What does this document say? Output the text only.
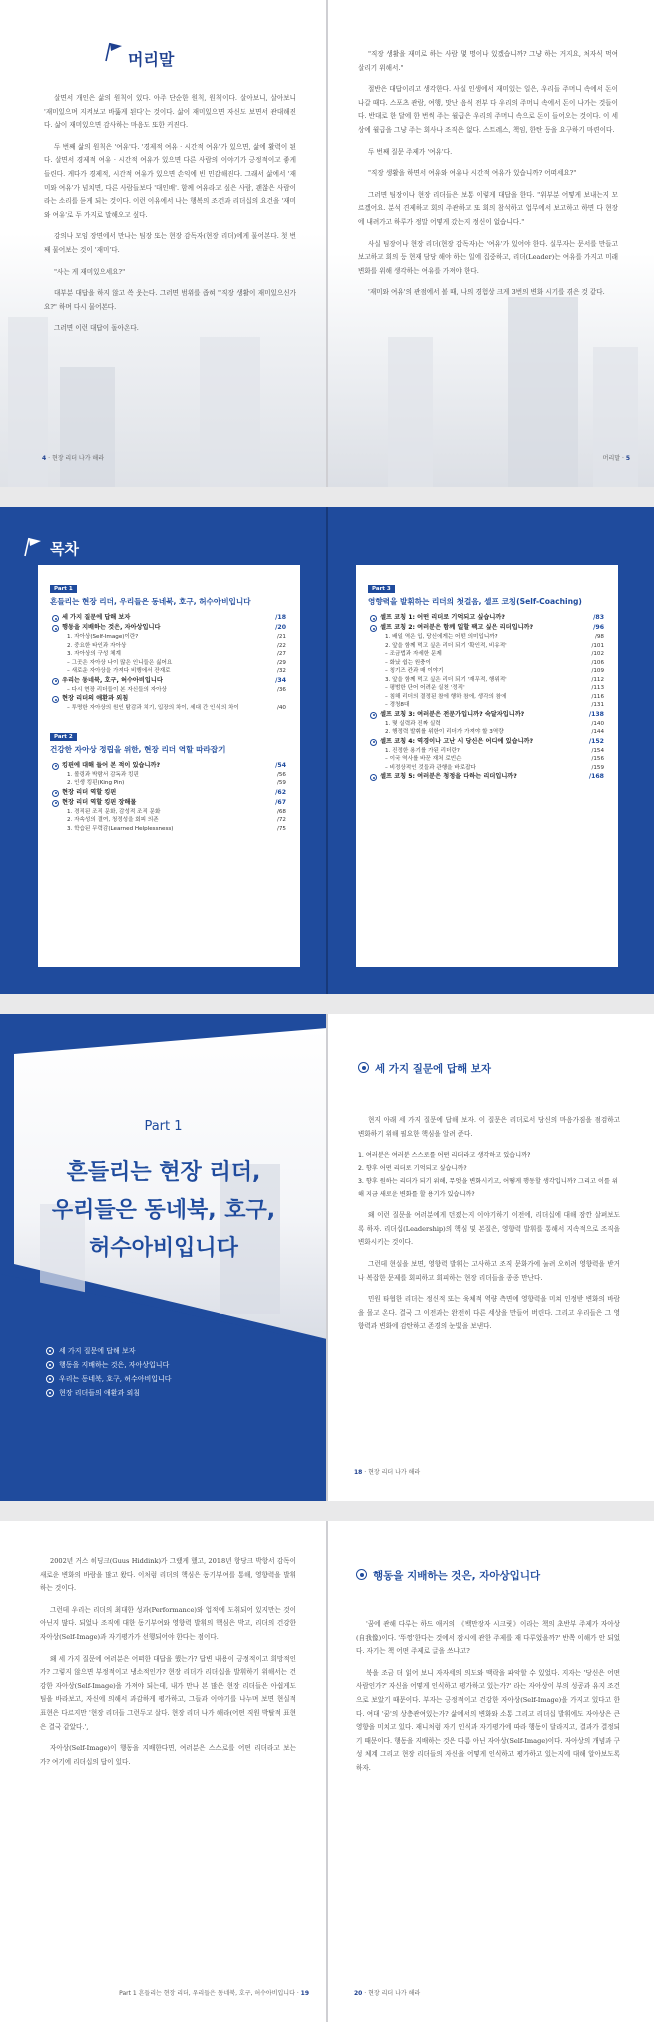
머리말

살면서 개인은 삶의 원칙이 있다. 아주 단순한 원칙, 원칙이다. 살아보니, 살아보니 '재미있으며 지켜보고 바뚫게 된다'는 것이다. 삶이 재미있으면 자신도 보면서 관대해진다. 삶이 재미있으면 감사하는 마음도 또한 커진다.

두 번째 삶의 원칙은 '여유'다. '경제적 여유 · 시간적 여유'가 있으면, 삶에 활력이 된다. 살면서 경제적 여유 · 시간적 여유가 있으면 다른 사람의 이야기가 긍정적이고 좋게 들린다. 게다가 경제적, 시간적 여유가 있으면 손익에 빈 민감해진다. 그래서 삶에서 '재미와 여유'가 넘치면, 다른 사람들보다 '대인배'. 함께 여유라고 싶은 사람, 괜찮은 사람이라는 소리를 듣게 되는 것이다. 이런 이유에서 나는 행복의 조건과 리더십의 요건을 '재미와 여유'로 두 가지로 말해오고 싶다.

강의나 모임 장면에서 만나는 팀장 또는 현장 감독자(현장 리더)에게 물어본다. 첫 번째 물어보는 것이 '재미'다.

"사는 게 재미있으세요?"

대부분 대답을 하지 않고 쓱 웃는다. 그러면 범위를 좁혀 "직장 생활이 재미있으신가요?" 하며 다시 물어본다.

그러면 이런 대답이 돌아온다.

4 · 현장 리더 나가 해라

"직장 생활을 재미로 하는 사람 몇 명이나 있겠습니까? 그냥 하는 거지요, 처자식 먹여 살리기 위해서."

절반은 대답이리고 생각한다. 사실 인생에서 재미있는 일은, 우리들 주머니 속에서 돈이 나갈 때다. 스포츠 관람, 여행, 맛난 음식 전부 다 우리의 주머니 속에서 돈이 나가는 것들이다. 반대로 한 달에 한 번씩 주는 월급은 우리의 주머니 속으로 돈이 들어오는 것이다. 이 세상에 월급을 그냥 주는 회사나 조직은 없다. 스트레스, 책임, 한탄 등을 요구하기 마련이다.

두 번째 질문 주제가 '여유'다.

"직장 생활을 하면서 여유와 여유나 시간적 여유가 있습니까? 어떠세요?"

그러면 팀장이나 현장 리더들은 보통 이렇게 대답을 한다. "위부분 어떻게 보내는지 모르겠어요. 분석 견제하고 회의 주관하고 또 회의 참석하고 업무에서 보고하고 하면 다 현장에 내려가고 하루가 정말 어떻게 갔는지 정신이 없습니다."

사실 팀장이나 현장 리더(현장 감독자)는 '여유'가 있어야 한다. 실무자는 문서를 만들고 보고하고 회의 등 현재 담당 해야 하는 일에 집중하고, 리더(Leader)는 여유를 가지고 미래 변화를 위해 생각하는 여유를 가져야 한다.

'재미와 여유'의 관점에서 볼 때, 나의 경험상 크게 3번의 변화 시기를 겪은 것 같다.

머리말 · 5
목차
Part 1
흔들리는 현장 리더, 우리들은 동네북, 호구, 허수아비입니다
세 가지 질문에 답해 보자	/18
행동을 지배하는 것은, 자아상입니다	/20
1. 자아상(Self-Image)이란?	/21
2. 중요한 타인과 자아상	/22
3. 자아상의 구성 체계	/27
– 그곳은 자아상 나이 많은 인니들은 싫어요	/29
– 새로운 자아상을 가져다 비행에서 잔재로	/32
우리는 동네북, 호구, 허수아비입니다	/34
– 다시 현장 리더들이 본 자신들의 자아상	/36
현장 리더의 애환과 외침
– 투명한 자아상의 원인 탐감과 치기, 입장의 차이, 세대 간 인식의 차이	/40
Part 2
건강한 자아상 정립을 위한, 현장 리더 역할 따라잡기
킹핀에 대해 들어 본 적이 있습니까?	/54
1. 볼링과 박람서 감독과 킹핀	/56
2. 인생 킹핀(King Pin)	/59
현장 리더 역할 킹핀	/62
현장 리더 역할 킹핀 장해물	/67
1. 경직된 조직 문화, 감성적 조직 문화	/68
2. 자속성의 결여, 청정성을 회피 의존	/72
3. 학습된 무력감(Learned Helplessness)	/75
Part 3
영향력을 발휘하는 리더의 첫걸음, 셀프 코칭(Self-Coaching)
셀프 코칭 1: 어떤 리더로 기억되고 싶습니까?	/83
셀프 코칭 2: 여러분은 함께 일할 팩고 싶은 리더입니까?	/96
1. 배일 역은 입, 당신에게는 어떤 의미입니까?	/98
2. 앞을 함께 먹고 싶은 리더 되기 '확인적, 비유적'	/101
– 조금법과 자세한 문제	/102
– 화났 쉽는 원충이	/106
– 칭기즈 칸과 매 이야기	/109
3. 앞을 함께 먹고 싶은 리더 되기 '재무적, 행위적'	/112
– 평범한 단어 어려운 실천 '정직'	/113
– 침해 리더의 결정된 참에 행하 참에, 생각의 참에	/116
– 경청8대	/131
셀프 코칭 3: 여러분은 전문가입니까? 숙달자입니까?	/138
1. 몇 실력과 진짜 실력	/140
2. 행정력 발휘를 위한이 리더가 가져야 할 3역량	/144
셀프 코칭 4: 역경이나 고난 시 당신은 어디에 있습니까?	/152
1. 진정한 용기를 가된 리더란?	/154
– 이국 역사를 바꾼 재처 로빈슨	/156
– 비정상적인 것들과 관행을 바로잡다	/159
셀프 코칭 5: 여러분은 청정을 다하는 리더입니까?	/168
Part 1
흔들리는 현장 리더,
우리들은 동네북, 호구,
허수아비입니다
세 가지 질문에 답해 보자
행동을 지배하는 것은, 자아상입니다
우리는 동네북, 호구, 허수아비입니다
현장 리더들의 애환과 외침
세 가지 질문에 답해 보자

현지 아래 세 가지 질문에 답해 보자. 이 질문은 리더로서 당신의 마음가짐을 점검하고 변화하기 위해 필요한 핵심을 알려 준다.

1. 여러분은 여러분 스스로를 어떤 리더라고 생각하고 있습니까?
2. 향후 어떤 리더로 기억되고 싶습니까?
3. 향후 원하는 리더가 되기 위해, 무엇을 변화시키고, 어떻게 행동할 생각입니까? 그리고 이를 위해 지금 새로운 변화를 할 용기가 있습니까?

왜 이런 질문을 여러분에게 던졌는지 이야기하기 이전에, 리더십에 대해 잠깐 살펴보도록 하자. 리더십(Leadership)의 핵심 및 본질은, 영향력 발휘를 통해서 지속적으로 조직을 변화시키는 것이다.

그런데 현실을 보면, 영향력 발휘는 고사하고 조직 문화가에 눌려 오히려 영향력을 받거나 복잡한 문제를 회피하고 회피하는 현장 리더들을 종종 만난다.

민원 타협한 리더는 정신적 또는 육체적 역량 측면에 영향력을 미쳐 인정받 변화의 바람을 몰고 온다. 결국 그 이전과는 완전히 다른 세상을 만들어 버린다. 그리고 우리들은 그 영향력과 변화에 감탄하고 존경의 눈빛을 보낸다.

18 · 현장 리더 나가 해라

2002년 거스 히딩크(Guus Hiddink)가 그랬게 했고, 2018년 항당크 박항서 감독이 새로운 변화의 바람을 많고 왔다. 이처럼 리더의 핵심은 동기부여를 통해, 영향력을 발휘하는 것이다.

그런데 우리는 리더의 최대한 성과(Performance)와 업적에 도취되어 있지만는 것이 아닌지 많다. 되었나 조직에 대한 동기부여와 영향력 발휘의 핵심은 박고, 리더의 건강한 자아상(Self-Image)과 자기평가가 선행되어야 한다는 점이다.

왜 세 가지 질문에 여러분은 어떠한 대답을 했는가? 답변 내용이 긍정적이고 희망적인가? 그렇지 않으면 부정적이고 냉소적인가? 현장 리더가 리더십을 발휘하기 위해서는 건강한 자아상(Self-Image)을 가져야 되는데, 내가 만나 본 많은 현장 리더들은 아쉽게도 팀을 바라보고, 자신에 의해서 과감하게 평가하고, 그들과 이야기를 나누며 보면 현실적 표현은 다르지만 '현장 리더들 그런두고 살다. 현장 리더 나가 해라(어떤 직원 박탈적 표현은 결국 같았다.',

자아상(Self-Image)이 행동을 지배한다면, 여러분은 스스로를 어떤 리더라고 보는가? 여기에 리더십의 답이 있다.

Part 1 흔들리는 현장 리더, 우리들은 동네북, 호구, 허수아비입니다 · 19
행동을 지배하는 것은, 자아상입니다

'꿈에 관해 다루는 하드 애커의 《백만장자 시크릿》이라는 책의 초반부 주제가 자아상(自我像)이다. '뚜껑'한다는 것에서 잠시에 관한 주제를 재 다루었을까?' 반쪽 이해가 안 되었다. 자기는 책 어떤 주제로 글을 쓰냐고?

북을 조금 더 읽어 보니 자자세의 의도와 맥락을 파악할 수 있었다. 지자는 '당신은 어떤 사람인가?' 자신을 어떻게 인식하고 평가하고 있는가?' 라는 자아상이 부의 성공과 유지 조건으로 보았기 때문이다. 부자는 긍정적이고 건강한 자아상(Self-Image)을 가지고 있다고 한다. 여대 '꿈'의 상층관여있는가? 삶에서의 변화와 소통 그리고 리더십 발휘에도 자아상은 큰 영향을 미치고 있다. 재니처럼 자기 인식과 자기평가에 따라 행동이 달라지고, 결과가 결정되기 때문이다. 행동을 지배하는 것은 다름 아닌 자아상(Self-Image)이다. 자아상의 개념과 구성 체계 그리고 현장 리더들의 자신을 어떻게 인식하고 평가하고 있는지에 대해 알아보도록 하자.

20 · 현장 리더 나가 해라
